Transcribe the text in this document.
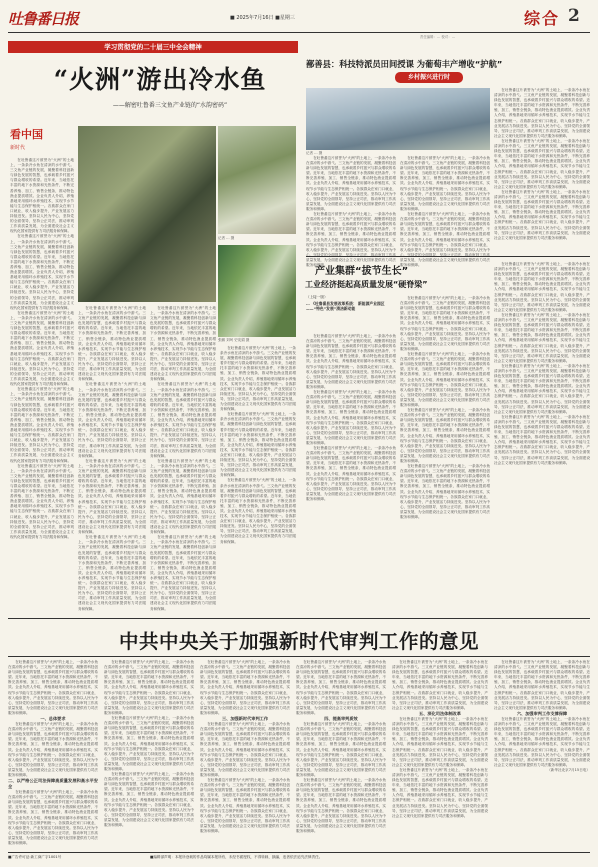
吐鲁番日报	■ 2025年7月16日 ■星期三	综合 2
责任编辑：… 校对：…
学习贯彻党的二十届三中全会精神
“火洲”游出冷水鱼
——解密吐鲁番三文鱼产业链的“水韵密码”
看中国
新时代

在吐鲁番这片被誉为“火洲”的土地上，一条条冷水鱼在清凉的水中游弋。三文鱼产业链的发展，凝聚着科技创新与绿色发展的智慧，也承载着乡村振兴与群众增收的希望。近年来，当地依托丰富的地下水资源和光热条件，不断完善养殖、加工、销售全链条，推动特色渔业提质增效。企业负责人介绍，养殖基地采用循环水养殖技术，实现节水节能与生态保护相统一。各族群众在家门口就业，收入稳步提升，产业发展活力持续迸发。坚持以人民为中心，坚持党的全面领导，坚持公正司法，推动审判工作高质量发展，为全面建设社会主义现代化国家提供有力司法服务和保障。

在吐鲁番这片被誉为“火洲”的土地上，一条条冷水鱼在清凉的水中游弋。三文鱼产业链的发展，凝聚着科技创新与绿色发展的智慧，也承载着乡村振兴与群众增收的希望。近年来，当地依托丰富的地下水资源和光热条件，不断完善养殖、加工、销售全链条，推动特色渔业提质增效。企业负责人介绍，养殖基地采用循环水养殖技术，实现节水节能与生态保护相统一。各族群众在家门口就业，收入稳步提升，产业发展活力持续迸发。坚持以人民为中心，坚持党的全面领导，坚持公正司法，推动审判工作高质量发展，为全面建设社会主义现代化国家提供有力司法服务和保障。

在吐鲁番这片被誉为“火洲”的土地上，一条条冷水鱼在清凉的水中游弋。三文鱼产业链的发展，凝聚着科技创新与绿色发展的智慧，也承载着乡村振兴与群众增收的希望。近年来，当地依托丰富的地下水资源和光热条件，不断完善养殖、加工、销售全链条，推动特色渔业提质增效。企业负责人介绍，养殖基地采用循环水养殖技术，实现节水节能与生态保护相统一。各族群众在家门口就业，收入稳步提升，产业发展活力持续迸发。坚持以人民为中心，坚持党的全面领导，坚持公正司法，推动审判工作高质量发展，为全面建设社会主义现代化国家提供有力司法服务和保障。

在吐鲁番这片被誉为“火洲”的土地上，一条条冷水鱼在清凉的水中游弋。三文鱼产业链的发展，凝聚着科技创新与绿色发展的智慧，也承载着乡村振兴与群众增收的希望。近年来，当地依托丰富的地下水资源和光热条件，不断完善养殖、加工、销售全链条，推动特色渔业提质增效。企业负责人介绍，养殖基地采用循环水养殖技术，实现节水节能与生态保护相统一。各族群众在家门口就业，收入稳步提升，产业发展活力持续迸发。坚持以人民为中心，坚持党的全面领导，坚持公正司法，推动审判工作高质量发展，为全面建设社会主义现代化国家提供有力司法服务和保障。

在吐鲁番这片被誉为“火洲”的土地上，一条条冷水鱼在清凉的水中游弋。三文鱼产业链的发展，凝聚着科技创新与绿色发展的智慧，也承载着乡村振兴与群众增收的希望。近年来，当地依托丰富的地下水资源和光热条件，不断完善养殖、加工、销售全链条，推动特色渔业提质增效。企业负责人介绍，养殖基地采用循环水养殖技术，实现节水节能与生态保护相统一。各族群众在家门口就业，收入稳步提升，产业发展活力持续迸发。坚持以人民为中心，坚持党的全面领导，坚持公正司法，推动审判工作高质量发展，为全面建设社会主义现代化国家提供有力司法服务和保障。

记者 … 摄
张鹏 刘珂 史宪娟 摄

在吐鲁番这片被誉为“火洲”的土地上，一条条冷水鱼在清凉的水中游弋。三文鱼产业链的发展，凝聚着科技创新与绿色发展的智慧，也承载着乡村振兴与群众增收的希望。近年来，当地依托丰富的地下水资源和光热条件，不断完善养殖、加工、销售全链条，推动特色渔业提质增效。企业负责人介绍，养殖基地采用循环水养殖技术，实现节水节能与生态保护相统一。各族群众在家门口就业，收入稳步提升，产业发展活力持续迸发。坚持以人民为中心，坚持党的全面领导，坚持公正司法，推动审判工作高质量发展，为全面建设社会主义现代化国家提供有力司法服务和保障。

在吐鲁番这片被誉为“火洲”的土地上，一条条冷水鱼在清凉的水中游弋。三文鱼产业链的发展，凝聚着科技创新与绿色发展的智慧，也承载着乡村振兴与群众增收的希望。近年来，当地依托丰富的地下水资源和光热条件，不断完善养殖、加工、销售全链条，推动特色渔业提质增效。企业负责人介绍，养殖基地采用循环水养殖技术，实现节水节能与生态保护相统一。各族群众在家门口就业，收入稳步提升，产业发展活力持续迸发。坚持以人民为中心，坚持党的全面领导，坚持公正司法，推动审判工作高质量发展，为全面建设社会主义现代化国家提供有力司法服务和保障。

在吐鲁番这片被誉为“火洲”的土地上，一条条冷水鱼在清凉的水中游弋。三文鱼产业链的发展，凝聚着科技创新与绿色发展的智慧，也承载着乡村振兴与群众增收的希望。近年来，当地依托丰富的地下水资源和光热条件，不断完善养殖、加工、销售全链条，推动特色渔业提质增效。企业负责人介绍，养殖基地采用循环水养殖技术，实现节水节能与生态保护相统一。各族群众在家门口就业，收入稳步提升，产业发展活力持续迸发。坚持以人民为中心，坚持党的全面领导，坚持公正司法，推动审判工作高质量发展，为全面建设社会主义现代化国家提供有力司法服务和保障。

在吐鲁番这片被誉为“火洲”的土地上，一条条冷水鱼在清凉的水中游弋。三文鱼产业链的发展，凝聚着科技创新与绿色发展的智慧，也承载着乡村振兴与群众增收的希望。近年来，当地依托丰富的地下水资源和光热条件，不断完善养殖、加工、销售全链条，推动特色渔业提质增效。企业负责人介绍，养殖基地采用循环水养殖技术，实现节水节能与生态保护相统一。各族群众在家门口就业，收入稳步提升，产业发展活力持续迸发。坚持以人民为中心，坚持党的全面领导，坚持公正司法，推动审判工作高质量发展，为全面建设社会主义现代化国家提供有力司法服务和保障。

在吐鲁番这片被誉为“火洲”的土地上，一条条冷水鱼在清凉的水中游弋。三文鱼产业链的发展，凝聚着科技创新与绿色发展的智慧，也承载着乡村振兴与群众增收的希望。近年来，当地依托丰富的地下水资源和光热条件，不断完善养殖、加工、销售全链条，推动特色渔业提质增效。企业负责人介绍，养殖基地采用循环水养殖技术，实现节水节能与生态保护相统一。各族群众在家门口就业，收入稳步提升，产业发展活力持续迸发。坚持以人民为中心，坚持党的全面领导，坚持公正司法，推动审判工作高质量发展，为全面建设社会主义现代化国家提供有力司法服务和保障。

在吐鲁番这片被誉为“火洲”的土地上，一条条冷水鱼在清凉的水中游弋。三文鱼产业链的发展，凝聚着科技创新与绿色发展的智慧，也承载着乡村振兴与群众增收的希望。近年来，当地依托丰富的地下水资源和光热条件，不断完善养殖、加工、销售全链条，推动特色渔业提质增效。企业负责人介绍，养殖基地采用循环水养殖技术，实现节水节能与生态保护相统一。各族群众在家门口就业，收入稳步提升，产业发展活力持续迸发。坚持以人民为中心，坚持党的全面领导，坚持公正司法，推动审判工作高质量发展，为全面建设社会主义现代化国家提供有力司法服务和保障。

在吐鲁番这片被誉为“火洲”的土地上，一条条冷水鱼在清凉的水中游弋。三文鱼产业链的发展，凝聚着科技创新与绿色发展的智慧，也承载着乡村振兴与群众增收的希望。近年来，当地依托丰富的地下水资源和光热条件，不断完善养殖、加工、销售全链条，推动特色渔业提质增效。企业负责人介绍，养殖基地采用循环水养殖技术，实现节水节能与生态保护相统一。各族群众在家门口就业，收入稳步提升，产业发展活力持续迸发。坚持以人民为中心，坚持党的全面领导，坚持公正司法，推动审判工作高质量发展，为全面建设社会主义现代化国家提供有力司法服务和保障。

在吐鲁番这片被誉为“火洲”的土地上，一条条冷水鱼在清凉的水中游弋。三文鱼产业链的发展，凝聚着科技创新与绿色发展的智慧，也承载着乡村振兴与群众增收的希望。近年来，当地依托丰富的地下水资源和光热条件，不断完善养殖、加工、销售全链条，推动特色渔业提质增效。企业负责人介绍，养殖基地采用循环水养殖技术，实现节水节能与生态保护相统一。各族群众在家门口就业，收入稳步提升，产业发展活力持续迸发。坚持以人民为中心，坚持党的全面领导，坚持公正司法，推动审判工作高质量发展，为全面建设社会主义现代化国家提供有力司法服务和保障。

在吐鲁番这片被誉为“火洲”的土地上，一条条冷水鱼在清凉的水中游弋。三文鱼产业链的发展，凝聚着科技创新与绿色发展的智慧，也承载着乡村振兴与群众增收的希望。近年来，当地依托丰富的地下水资源和光热条件，不断完善养殖、加工、销售全链条，推动特色渔业提质增效。企业负责人介绍，养殖基地采用循环水养殖技术，实现节水节能与生态保护相统一。各族群众在家门口就业，收入稳步提升，产业发展活力持续迸发。坚持以人民为中心，坚持党的全面领导，坚持公正司法，推动审判工作高质量发展，为全面建设社会主义现代化国家提供有力司法服务和保障。

在吐鲁番这片被誉为“火洲”的土地上，一条条冷水鱼在清凉的水中游弋。三文鱼产业链的发展，凝聚着科技创新与绿色发展的智慧，也承载着乡村振兴与群众增收的希望。近年来，当地依托丰富的地下水资源和光热条件，不断完善养殖、加工、销售全链条，推动特色渔业提质增效。企业负责人介绍，养殖基地采用循环水养殖技术，实现节水节能与生态保护相统一。各族群众在家门口就业，收入稳步提升，产业发展活力持续迸发。坚持以人民为中心，坚持党的全面领导，坚持公正司法，推动审判工作高质量发展，为全面建设社会主义现代化国家提供有力司法服务和保障。

在吐鲁番这片被誉为“火洲”的土地上，一条条冷水鱼在清凉的水中游弋。三文鱼产业链的发展，凝聚着科技创新与绿色发展的智慧，也承载着乡村振兴与群众增收的希望。近年来，当地依托丰富的地下水资源和光热条件，不断完善养殖、加工、销售全链条，推动特色渔业提质增效。企业负责人介绍，养殖基地采用循环水养殖技术，实现节水节能与生态保护相统一。各族群众在家门口就业，收入稳步提升，产业发展活力持续迸发。坚持以人民为中心，坚持党的全面领导，坚持公正司法，推动审判工作高质量发展，为全面建设社会主义现代化国家提供有力司法服务和保障。

鄯善县：科技特派员田间授课 为葡萄丰产增收“护航”
乡村振兴进行时
记者 … 摄

在吐鲁番这片被誉为“火洲”的土地上，一条条冷水鱼在清凉的水中游弋。三文鱼产业链的发展，凝聚着科技创新与绿色发展的智慧，也承载着乡村振兴与群众增收的希望。近年来，当地依托丰富的地下水资源和光热条件，不断完善养殖、加工、销售全链条，推动特色渔业提质增效。企业负责人介绍，养殖基地采用循环水养殖技术，实现节水节能与生态保护相统一。各族群众在家门口就业，收入稳步提升，产业发展活力持续迸发。坚持以人民为中心，坚持党的全面领导，坚持公正司法，推动审判工作高质量发展，为全面建设社会主义现代化国家提供有力司法服务和保障。

在吐鲁番这片被誉为“火洲”的土地上，一条条冷水鱼在清凉的水中游弋。三文鱼产业链的发展，凝聚着科技创新与绿色发展的智慧，也承载着乡村振兴与群众增收的希望。近年来，当地依托丰富的地下水资源和光热条件，不断完善养殖、加工、销售全链条，推动特色渔业提质增效。企业负责人介绍，养殖基地采用循环水养殖技术，实现节水节能与生态保护相统一。各族群众在家门口就业，收入稳步提升，产业发展活力持续迸发。坚持以人民为中心，坚持党的全面领导，坚持公正司法，推动审判工作高质量发展，为全面建设社会主义现代化国家提供有力司法服务和保障。

在吐鲁番这片被誉为“火洲”的土地上，一条条冷水鱼在清凉的水中游弋。三文鱼产业链的发展，凝聚着科技创新与绿色发展的智慧，也承载着乡村振兴与群众增收的希望。近年来，当地依托丰富的地下水资源和光热条件，不断完善养殖、加工、销售全链条，推动特色渔业提质增效。企业负责人介绍，养殖基地采用循环水养殖技术，实现节水节能与生态保护相统一。各族群众在家门口就业，收入稳步提升，产业发展活力持续迸发。坚持以人民为中心，坚持党的全面领导，坚持公正司法，推动审判工作高质量发展，为全面建设社会主义现代化国家提供有力司法服务和保障。

在吐鲁番这片被誉为“火洲”的土地上，一条条冷水鱼在清凉的水中游弋。三文鱼产业链的发展，凝聚着科技创新与绿色发展的智慧，也承载着乡村振兴与群众增收的希望。近年来，当地依托丰富的地下水资源和光热条件，不断完善养殖、加工、销售全链条，推动特色渔业提质增效。企业负责人介绍，养殖基地采用循环水养殖技术，实现节水节能与生态保护相统一。各族群众在家门口就业，收入稳步提升，产业发展活力持续迸发。坚持以人民为中心，坚持党的全面领导，坚持公正司法，推动审判工作高质量发展，为全面建设社会主义现代化国家提供有力司法服务和保障。

在吐鲁番这片被誉为“火洲”的土地上，一条条冷水鱼在清凉的水中游弋。三文鱼产业链的发展，凝聚着科技创新与绿色发展的智慧，也承载着乡村振兴与群众增收的希望。近年来，当地依托丰富的地下水资源和光热条件，不断完善养殖、加工、销售全链条，推动特色渔业提质增效。企业负责人介绍，养殖基地采用循环水养殖技术，实现节水节能与生态保护相统一。各族群众在家门口就业，收入稳步提升，产业发展活力持续迸发。坚持以人民为中心，坚持党的全面领导，坚持公正司法，推动审判工作高质量发展，为全面建设社会主义现代化国家提供有力司法服务和保障。

在吐鲁番这片被誉为“火洲”的土地上，一条条冷水鱼在清凉的水中游弋。三文鱼产业链的发展，凝聚着科技创新与绿色发展的智慧，也承载着乡村振兴与群众增收的希望。近年来，当地依托丰富的地下水资源和光热条件，不断完善养殖、加工、销售全链条，推动特色渔业提质增效。企业负责人介绍，养殖基地采用循环水养殖技术，实现节水节能与生态保护相统一。各族群众在家门口就业，收入稳步提升，产业发展活力持续迸发。坚持以人民为中心，坚持党的全面领导，坚持公正司法，推动审判工作高质量发展，为全面建设社会主义现代化国家提供有力司法服务和保障。

在吐鲁番这片被誉为“火洲”的土地上，一条条冷水鱼在清凉的水中游弋。三文鱼产业链的发展，凝聚着科技创新与绿色发展的智慧，也承载着乡村振兴与群众增收的希望。近年来，当地依托丰富的地下水资源和光热条件，不断完善养殖、加工、销售全链条，推动特色渔业提质增效。企业负责人介绍，养殖基地采用循环水养殖技术，实现节水节能与生态保护相统一。各族群众在家门口就业，收入稳步提升，产业发展活力持续迸发。坚持以人民为中心，坚持党的全面领导，坚持公正司法，推动审判工作高质量发展，为全面建设社会主义现代化国家提供有力司法服务和保障。

产业集群“拔节生长”
工业经济挺起高质量发展“硬脊梁”
（上接一版）
… 《吐鲁番县发展改革系统： 新能源产业园区——“特色”发展”清洁新动能

在吐鲁番这片被誉为“火洲”的土地上，一条条冷水鱼在清凉的水中游弋。三文鱼产业链的发展，凝聚着科技创新与绿色发展的智慧，也承载着乡村振兴与群众增收的希望。近年来，当地依托丰富的地下水资源和光热条件，不断完善养殖、加工、销售全链条，推动特色渔业提质增效。企业负责人介绍，养殖基地采用循环水养殖技术，实现节水节能与生态保护相统一。各族群众在家门口就业，收入稳步提升，产业发展活力持续迸发。坚持以人民为中心，坚持党的全面领导，坚持公正司法，推动审判工作高质量发展，为全面建设社会主义现代化国家提供有力司法服务和保障。

在吐鲁番这片被誉为“火洲”的土地上，一条条冷水鱼在清凉的水中游弋。三文鱼产业链的发展，凝聚着科技创新与绿色发展的智慧，也承载着乡村振兴与群众增收的希望。近年来，当地依托丰富的地下水资源和光热条件，不断完善养殖、加工、销售全链条，推动特色渔业提质增效。企业负责人介绍，养殖基地采用循环水养殖技术，实现节水节能与生态保护相统一。各族群众在家门口就业，收入稳步提升，产业发展活力持续迸发。坚持以人民为中心，坚持党的全面领导，坚持公正司法，推动审判工作高质量发展，为全面建设社会主义现代化国家提供有力司法服务和保障。

在吐鲁番这片被誉为“火洲”的土地上，一条条冷水鱼在清凉的水中游弋。三文鱼产业链的发展，凝聚着科技创新与绿色发展的智慧，也承载着乡村振兴与群众增收的希望。近年来，当地依托丰富的地下水资源和光热条件，不断完善养殖、加工、销售全链条，推动特色渔业提质增效。企业负责人介绍，养殖基地采用循环水养殖技术，实现节水节能与生态保护相统一。各族群众在家门口就业，收入稳步提升，产业发展活力持续迸发。坚持以人民为中心，坚持党的全面领导，坚持公正司法，推动审判工作高质量发展，为全面建设社会主义现代化国家提供有力司法服务和保障。

在吐鲁番这片被誉为“火洲”的土地上，一条条冷水鱼在清凉的水中游弋。三文鱼产业链的发展，凝聚着科技创新与绿色发展的智慧，也承载着乡村振兴与群众增收的希望。近年来，当地依托丰富的地下水资源和光热条件，不断完善养殖、加工、销售全链条，推动特色渔业提质增效。企业负责人介绍，养殖基地采用循环水养殖技术，实现节水节能与生态保护相统一。各族群众在家门口就业，收入稳步提升，产业发展活力持续迸发。坚持以人民为中心，坚持党的全面领导，坚持公正司法，推动审判工作高质量发展，为全面建设社会主义现代化国家提供有力司法服务和保障。

在吐鲁番这片被誉为“火洲”的土地上，一条条冷水鱼在清凉的水中游弋。三文鱼产业链的发展，凝聚着科技创新与绿色发展的智慧，也承载着乡村振兴与群众增收的希望。近年来，当地依托丰富的地下水资源和光热条件，不断完善养殖、加工、销售全链条，推动特色渔业提质增效。企业负责人介绍，养殖基地采用循环水养殖技术，实现节水节能与生态保护相统一。各族群众在家门口就业，收入稳步提升，产业发展活力持续迸发。坚持以人民为中心，坚持党的全面领导，坚持公正司法，推动审判工作高质量发展，为全面建设社会主义现代化国家提供有力司法服务和保障。

在吐鲁番这片被誉为“火洲”的土地上，一条条冷水鱼在清凉的水中游弋。三文鱼产业链的发展，凝聚着科技创新与绿色发展的智慧，也承载着乡村振兴与群众增收的希望。近年来，当地依托丰富的地下水资源和光热条件，不断完善养殖、加工、销售全链条，推动特色渔业提质增效。企业负责人介绍，养殖基地采用循环水养殖技术，实现节水节能与生态保护相统一。各族群众在家门口就业，收入稳步提升，产业发展活力持续迸发。坚持以人民为中心，坚持党的全面领导，坚持公正司法，推动审判工作高质量发展，为全面建设社会主义现代化国家提供有力司法服务和保障。

在吐鲁番这片被誉为“火洲”的土地上，一条条冷水鱼在清凉的水中游弋。三文鱼产业链的发展，凝聚着科技创新与绿色发展的智慧，也承载着乡村振兴与群众增收的希望。近年来，当地依托丰富的地下水资源和光热条件，不断完善养殖、加工、销售全链条，推动特色渔业提质增效。企业负责人介绍，养殖基地采用循环水养殖技术，实现节水节能与生态保护相统一。各族群众在家门口就业，收入稳步提升，产业发展活力持续迸发。坚持以人民为中心，坚持党的全面领导，坚持公正司法，推动审判工作高质量发展，为全面建设社会主义现代化国家提供有力司法服务和保障。

在吐鲁番这片被誉为“火洲”的土地上，一条条冷水鱼在清凉的水中游弋。三文鱼产业链的发展，凝聚着科技创新与绿色发展的智慧，也承载着乡村振兴与群众增收的希望。近年来，当地依托丰富的地下水资源和光热条件，不断完善养殖、加工、销售全链条，推动特色渔业提质增效。企业负责人介绍，养殖基地采用循环水养殖技术，实现节水节能与生态保护相统一。各族群众在家门口就业，收入稳步提升，产业发展活力持续迸发。坚持以人民为中心，坚持党的全面领导，坚持公正司法，推动审判工作高质量发展，为全面建设社会主义现代化国家提供有力司法服务和保障。

在吐鲁番这片被誉为“火洲”的土地上，一条条冷水鱼在清凉的水中游弋。三文鱼产业链的发展，凝聚着科技创新与绿色发展的智慧，也承载着乡村振兴与群众增收的希望。近年来，当地依托丰富的地下水资源和光热条件，不断完善养殖、加工、销售全链条，推动特色渔业提质增效。企业负责人介绍，养殖基地采用循环水养殖技术，实现节水节能与生态保护相统一。各族群众在家门口就业，收入稳步提升，产业发展活力持续迸发。坚持以人民为中心，坚持党的全面领导，坚持公正司法，推动审判工作高质量发展，为全面建设社会主义现代化国家提供有力司法服务和保障。

在吐鲁番这片被誉为“火洲”的土地上，一条条冷水鱼在清凉的水中游弋。三文鱼产业链的发展，凝聚着科技创新与绿色发展的智慧，也承载着乡村振兴与群众增收的希望。近年来，当地依托丰富的地下水资源和光热条件，不断完善养殖、加工、销售全链条，推动特色渔业提质增效。企业负责人介绍，养殖基地采用循环水养殖技术，实现节水节能与生态保护相统一。各族群众在家门口就业，收入稳步提升，产业发展活力持续迸发。坚持以人民为中心，坚持党的全面领导，坚持公正司法，推动审判工作高质量发展，为全面建设社会主义现代化国家提供有力司法服务和保障。

在吐鲁番这片被誉为“火洲”的土地上，一条条冷水鱼在清凉的水中游弋。三文鱼产业链的发展，凝聚着科技创新与绿色发展的智慧，也承载着乡村振兴与群众增收的希望。近年来，当地依托丰富的地下水资源和光热条件，不断完善养殖、加工、销售全链条，推动特色渔业提质增效。企业负责人介绍，养殖基地采用循环水养殖技术，实现节水节能与生态保护相统一。各族群众在家门口就业，收入稳步提升，产业发展活力持续迸发。坚持以人民为中心，坚持党的全面领导，坚持公正司法，推动审判工作高质量发展，为全面建设社会主义现代化国家提供有力司法服务和保障。

中共中央关于加强新时代审判工作的意见

在吐鲁番这片被誉为“火洲”的土地上，一条条冷水鱼在清凉的水中游弋。三文鱼产业链的发展，凝聚着科技创新与绿色发展的智慧，也承载着乡村振兴与群众增收的希望。近年来，当地依托丰富的地下水资源和光热条件，不断完善养殖、加工、销售全链条，推动特色渔业提质增效。企业负责人介绍，养殖基地采用循环水养殖技术，实现节水节能与生态保护相统一。各族群众在家门口就业，收入稳步提升，产业发展活力持续迸发。坚持以人民为中心，坚持党的全面领导，坚持公正司法，推动审判工作高质量发展，为全面建设社会主义现代化国家提供有力司法服务和保障。

一、总体要求

在吐鲁番这片被誉为“火洲”的土地上，一条条冷水鱼在清凉的水中游弋。三文鱼产业链的发展，凝聚着科技创新与绿色发展的智慧，也承载着乡村振兴与群众增收的希望。近年来，当地依托丰富的地下水资源和光热条件，不断完善养殖、加工、销售全链条，推动特色渔业提质增效。企业负责人介绍，养殖基地采用循环水养殖技术，实现节水节能与生态保护相统一。各族群众在家门口就业，收入稳步提升，产业发展活力持续迸发。坚持以人民为中心，坚持党的全面领导，坚持公正司法，推动审判工作高质量发展，为全面建设社会主义现代化国家提供有力司法服务和保障。

二、以严格公正司法保障高质量发展和高水平安全

在吐鲁番这片被誉为“火洲”的土地上，一条条冷水鱼在清凉的水中游弋。三文鱼产业链的发展，凝聚着科技创新与绿色发展的智慧，也承载着乡村振兴与群众增收的希望。近年来，当地依托丰富的地下水资源和光热条件，不断完善养殖、加工、销售全链条，推动特色渔业提质增效。企业负责人介绍，养殖基地采用循环水养殖技术，实现节水节能与生态保护相统一。各族群众在家门口就业，收入稳步提升，产业发展活力持续迸发。坚持以人民为中心，坚持党的全面领导，坚持公正司法，推动审判工作高质量发展，为全面建设社会主义现代化国家提供有力司法服务和保障。

在吐鲁番这片被誉为“火洲”的土地上，一条条冷水鱼在清凉的水中游弋。三文鱼产业链的发展，凝聚着科技创新与绿色发展的智慧，也承载着乡村振兴与群众增收的希望。近年来，当地依托丰富的地下水资源和光热条件，不断完善养殖、加工、销售全链条，推动特色渔业提质增效。企业负责人介绍，养殖基地采用循环水养殖技术，实现节水节能与生态保护相统一。各族群众在家门口就业，收入稳步提升，产业发展活力持续迸发。坚持以人民为中心，坚持党的全面领导，坚持公正司法，推动审判工作高质量发展，为全面建设社会主义现代化国家提供有力司法服务和保障。

在吐鲁番这片被誉为“火洲”的土地上，一条条冷水鱼在清凉的水中游弋。三文鱼产业链的发展，凝聚着科技创新与绿色发展的智慧，也承载着乡村振兴与群众增收的希望。近年来，当地依托丰富的地下水资源和光热条件，不断完善养殖、加工、销售全链条，推动特色渔业提质增效。企业负责人介绍，养殖基地采用循环水养殖技术，实现节水节能与生态保护相统一。各族群众在家门口就业，收入稳步提升，产业发展活力持续迸发。坚持以人民为中心，坚持党的全面领导，坚持公正司法，推动审判工作高质量发展，为全面建设社会主义现代化国家提供有力司法服务和保障。

在吐鲁番这片被誉为“火洲”的土地上，一条条冷水鱼在清凉的水中游弋。三文鱼产业链的发展，凝聚着科技创新与绿色发展的智慧，也承载着乡村振兴与群众增收的希望。近年来，当地依托丰富的地下水资源和光热条件，不断完善养殖、加工、销售全链条，推动特色渔业提质增效。企业负责人介绍，养殖基地采用循环水养殖技术，实现节水节能与生态保护相统一。各族群众在家门口就业，收入稳步提升，产业发展活力持续迸发。坚持以人民为中心，坚持党的全面领导，坚持公正司法，推动审判工作高质量发展，为全面建设社会主义现代化国家提供有力司法服务和保障。

在吐鲁番这片被誉为“火洲”的土地上，一条条冷水鱼在清凉的水中游弋。三文鱼产业链的发展，凝聚着科技创新与绿色发展的智慧，也承载着乡村振兴与群众增收的希望。近年来，当地依托丰富的地下水资源和光热条件，不断完善养殖、加工、销售全链条，推动特色渔业提质增效。企业负责人介绍，养殖基地采用循环水养殖技术，实现节水节能与生态保护相统一。各族群众在家门口就业，收入稳步提升，产业发展活力持续迸发。坚持以人民为中心，坚持党的全面领导，坚持公正司法，推动审判工作高质量发展，为全面建设社会主义现代化国家提供有力司法服务和保障。

三、加强新时代审判工作

在吐鲁番这片被誉为“火洲”的土地上，一条条冷水鱼在清凉的水中游弋。三文鱼产业链的发展，凝聚着科技创新与绿色发展的智慧，也承载着乡村振兴与群众增收的希望。近年来，当地依托丰富的地下水资源和光热条件，不断完善养殖、加工、销售全链条，推动特色渔业提质增效。企业负责人介绍，养殖基地采用循环水养殖技术，实现节水节能与生态保护相统一。各族群众在家门口就业，收入稳步提升，产业发展活力持续迸发。坚持以人民为中心，坚持党的全面领导，坚持公正司法，推动审判工作高质量发展，为全面建设社会主义现代化国家提供有力司法服务和保障。

在吐鲁番这片被誉为“火洲”的土地上，一条条冷水鱼在清凉的水中游弋。三文鱼产业链的发展，凝聚着科技创新与绿色发展的智慧，也承载着乡村振兴与群众增收的希望。近年来，当地依托丰富的地下水资源和光热条件，不断完善养殖、加工、销售全链条，推动特色渔业提质增效。企业负责人介绍，养殖基地采用循环水养殖技术，实现节水节能与生态保护相统一。各族群众在家门口就业，收入稳步提升，产业发展活力持续迸发。坚持以人民为中心，坚持党的全面领导，坚持公正司法，推动审判工作高质量发展，为全面建设社会主义现代化国家提供有力司法服务和保障。

在吐鲁番这片被誉为“火洲”的土地上，一条条冷水鱼在清凉的水中游弋。三文鱼产业链的发展，凝聚着科技创新与绿色发展的智慧，也承载着乡村振兴与群众增收的希望。近年来，当地依托丰富的地下水资源和光热条件，不断完善养殖、加工、销售全链条，推动特色渔业提质增效。企业负责人介绍，养殖基地采用循环水养殖技术，实现节水节能与生态保护相统一。各族群众在家门口就业，收入稳步提升，产业发展活力持续迸发。坚持以人民为中心，坚持党的全面领导，坚持公正司法，推动审判工作高质量发展，为全面建设社会主义现代化国家提供有力司法服务和保障。

四、提高审判质效

在吐鲁番这片被誉为“火洲”的土地上，一条条冷水鱼在清凉的水中游弋。三文鱼产业链的发展，凝聚着科技创新与绿色发展的智慧，也承载着乡村振兴与群众增收的希望。近年来，当地依托丰富的地下水资源和光热条件，不断完善养殖、加工、销售全链条，推动特色渔业提质增效。企业负责人介绍，养殖基地采用循环水养殖技术，实现节水节能与生态保护相统一。各族群众在家门口就业，收入稳步提升，产业发展活力持续迸发。坚持以人民为中心，坚持党的全面领导，坚持公正司法，推动审判工作高质量发展，为全面建设社会主义现代化国家提供有力司法服务和保障。

在吐鲁番这片被誉为“火洲”的土地上，一条条冷水鱼在清凉的水中游弋。三文鱼产业链的发展，凝聚着科技创新与绿色发展的智慧，也承载着乡村振兴与群众增收的希望。近年来，当地依托丰富的地下水资源和光热条件，不断完善养殖、加工、销售全链条，推动特色渔业提质增效。企业负责人介绍，养殖基地采用循环水养殖技术，实现节水节能与生态保护相统一。各族群众在家门口就业，收入稳步提升，产业发展活力持续迸发。坚持以人民为中心，坚持党的全面领导，坚持公正司法，推动审判工作高质量发展，为全面建设社会主义现代化国家提供有力司法服务和保障。

在吐鲁番这片被誉为“火洲”的土地上，一条条冷水鱼在清凉的水中游弋。三文鱼产业链的发展，凝聚着科技创新与绿色发展的智慧，也承载着乡村振兴与群众增收的希望。近年来，当地依托丰富的地下水资源和光热条件，不断完善养殖、加工、销售全链条，推动特色渔业提质增效。企业负责人介绍，养殖基地采用循环水养殖技术，实现节水节能与生态保护相统一。各族群众在家门口就业，收入稳步提升，产业发展活力持续迸发。坚持以人民为中心，坚持党的全面领导，坚持公正司法，推动审判工作高质量发展，为全面建设社会主义现代化国家提供有力司法服务和保障。

五、深化司法体制改革

在吐鲁番这片被誉为“火洲”的土地上，一条条冷水鱼在清凉的水中游弋。三文鱼产业链的发展，凝聚着科技创新与绿色发展的智慧，也承载着乡村振兴与群众增收的希望。近年来，当地依托丰富的地下水资源和光热条件，不断完善养殖、加工、销售全链条，推动特色渔业提质增效。企业负责人介绍，养殖基地采用循环水养殖技术，实现节水节能与生态保护相统一。各族群众在家门口就业，收入稳步提升，产业发展活力持续迸发。坚持以人民为中心，坚持党的全面领导，坚持公正司法，推动审判工作高质量发展，为全面建设社会主义现代化国家提供有力司法服务和保障。

在吐鲁番这片被誉为“火洲”的土地上，一条条冷水鱼在清凉的水中游弋。三文鱼产业链的发展，凝聚着科技创新与绿色发展的智慧，也承载着乡村振兴与群众增收的希望。近年来，当地依托丰富的地下水资源和光热条件，不断完善养殖、加工、销售全链条，推动特色渔业提质增效。企业负责人介绍，养殖基地采用循环水养殖技术，实现节水节能与生态保护相统一。各族群众在家门口就业，收入稳步提升，产业发展活力持续迸发。坚持以人民为中心，坚持党的全面领导，坚持公正司法，推动审判工作高质量发展，为全面建设社会主义现代化国家提供有力司法服务和保障。

在吐鲁番这片被誉为“火洲”的土地上，一条条冷水鱼在清凉的水中游弋。三文鱼产业链的发展，凝聚着科技创新与绿色发展的智慧，也承载着乡村振兴与群众增收的希望。近年来，当地依托丰富的地下水资源和光热条件，不断完善养殖、加工、销售全链条，推动特色渔业提质增效。企业负责人介绍，养殖基地采用循环水养殖技术，实现节水节能与生态保护相统一。各族群众在家门口就业，收入稳步提升，产业发展活力持续迸发。坚持以人民为中心，坚持党的全面领导，坚持公正司法，推动审判工作高质量发展，为全面建设社会主义现代化国家提供有力司法服务和保障。

六、加强审判工作支撑保障

在吐鲁番这片被誉为“火洲”的土地上，一条条冷水鱼在清凉的水中游弋。三文鱼产业链的发展，凝聚着科技创新与绿色发展的智慧，也承载着乡村振兴与群众增收的希望。近年来，当地依托丰富的地下水资源和光热条件，不断完善养殖、加工、销售全链条，推动特色渔业提质增效。企业负责人介绍，养殖基地采用循环水养殖技术，实现节水节能与生态保护相统一。各族群众在家门口就业，收入稳步提升，产业发展活力持续迸发。坚持以人民为中心，坚持党的全面领导，坚持公正司法，推动审判工作高质量发展，为全面建设社会主义现代化国家提供有力司法服务和保障。

（新华社北京7月15日电）
■广告许可证:新工商广字1001号	■编辑部声明：本报所登载的作品均属本报所有，未经书面授权，不得转载、摘编，违者依法追究法律责任。
